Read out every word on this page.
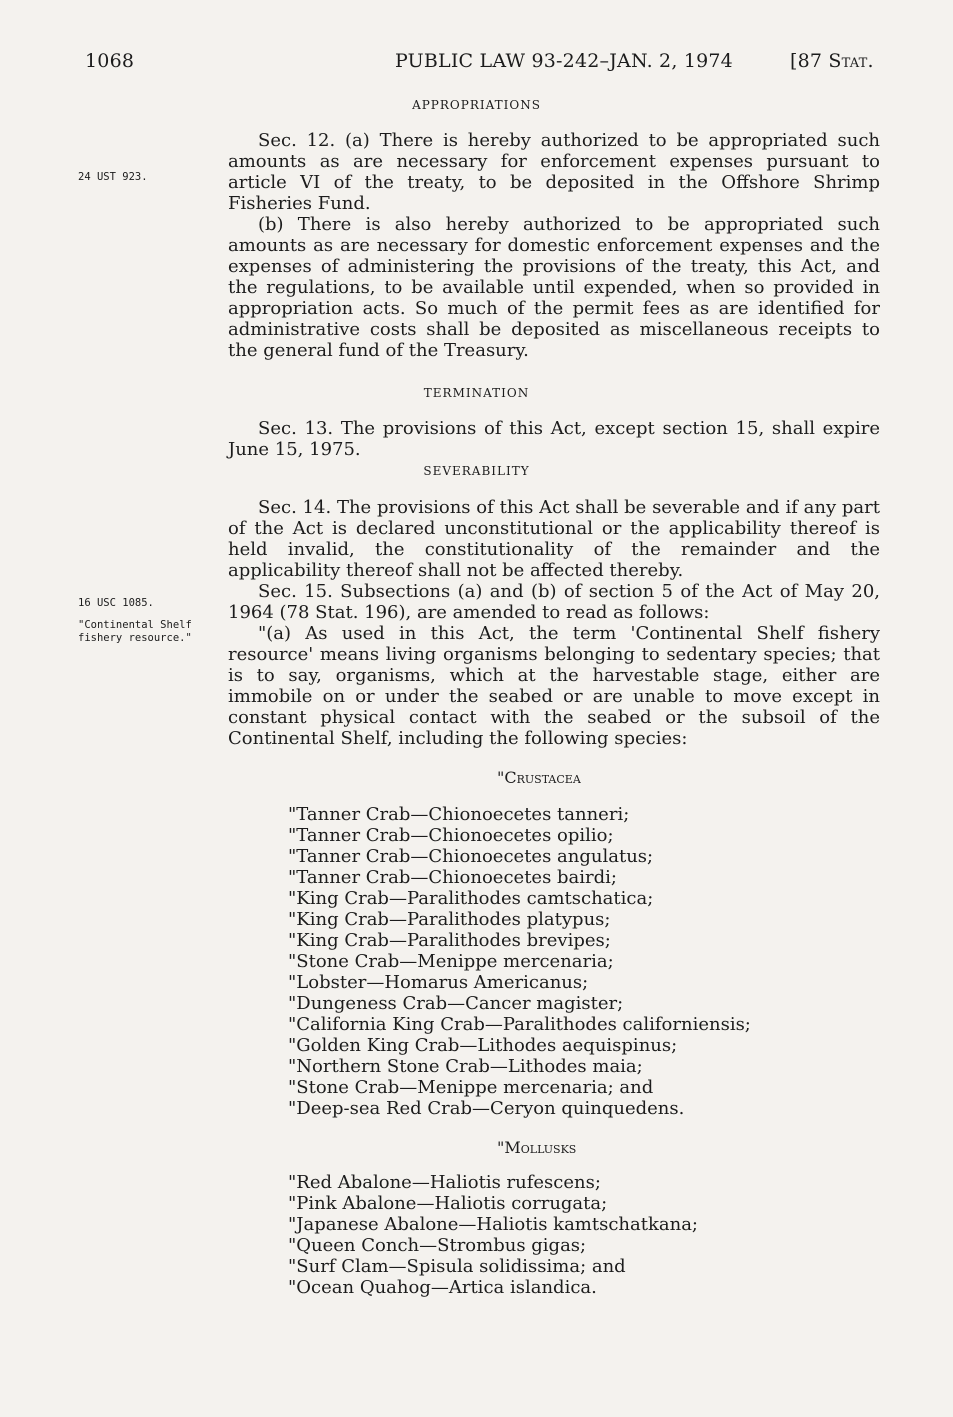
1068	PUBLIC LAW 93-242–JAN. 2, 1974	[87 Stat.
APPROPRIATIONS
24 UST 923.

Sec. 12. (a) There is hereby authorized to be appropriated such amounts as are necessary for enforcement expenses pursuant to article VI of the treaty, to be deposited in the Offshore Shrimp Fisheries Fund.

(b) There is also hereby authorized to be appropriated such amounts as are necessary for domestic enforcement expenses and the expenses of administering the provisions of the treaty, this Act, and the regulations, to be available until expended, when so provided in appropriation acts. So much of the permit fees as are identified for administrative costs shall be deposited as miscellaneous receipts to the general fund of the Treasury.

TERMINATION

Sec. 13. The provisions of this Act, except section 15, shall expire June 15, 1975.

SEVERABILITY

Sec. 14. The provisions of this Act shall be severable and if any part of the Act is declared unconstitutional or the applicability thereof is held invalid, the constitutionality of the remainder and the applicability thereof shall not be affected thereby.

Sec. 15. Subsections (a) and (b) of section 5 of the Act of May 20, 1964 (78 Stat. 196), are amended to read as follows:

"(a) As used in this Act, the term 'Continental Shelf fishery resource' means living organisms belonging to sedentary species; that is to say, organisms, which at the harvestable stage, either are immobile on or under the seabed or are unable to move except in constant physical contact with the seabed or the subsoil of the Continental Shelf, including the following species:

16 USC 1085.
"Continental Shelf fishery resource."
"Crustacea
"Tanner Crab—Chionoecetes tanneri;
"Tanner Crab—Chionoecetes opilio;
"Tanner Crab—Chionoecetes angulatus;
"Tanner Crab—Chionoecetes bairdi;
"King Crab—Paralithodes camtschatica;
"King Crab—Paralithodes platypus;
"King Crab—Paralithodes brevipes;
"Stone Crab—Menippe mercenaria;
"Lobster—Homarus Americanus;
"Dungeness Crab—Cancer magister;
"California King Crab—Paralithodes californiensis;
"Golden King Crab—Lithodes aequispinus;
"Northern Stone Crab—Lithodes maia;
"Stone Crab—Menippe mercenaria; and
"Deep-sea Red Crab—Ceryon quinquedens.
"Mollusks
"Red Abalone—Haliotis rufescens;
"Pink Abalone—Haliotis corrugata;
"Japanese Abalone—Haliotis kamtschatkana;
"Queen Conch—Strombus gigas;
"Surf Clam—Spisula solidissima; and
"Ocean Quahog—Artica islandica.
